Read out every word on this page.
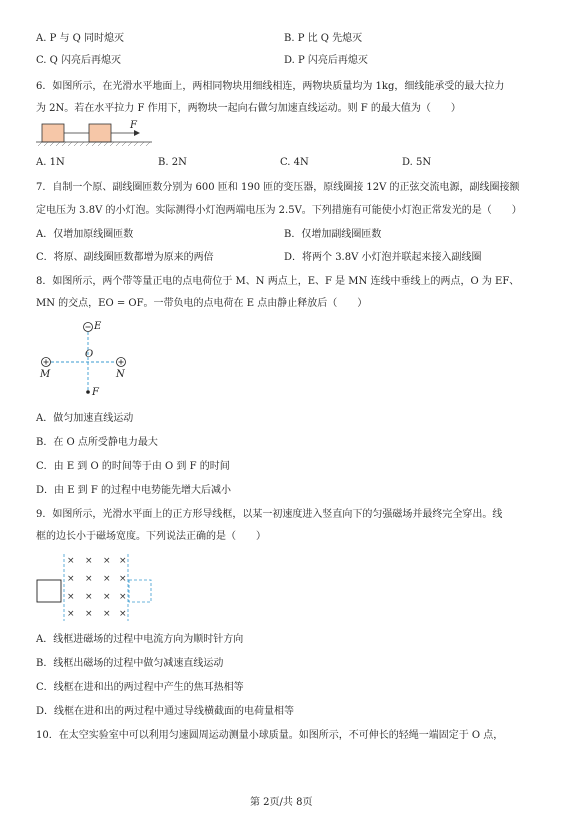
A. P 与 Q 同时熄灭	B. P 比 Q 先熄灭
C. Q 闪亮后再熄灭	D. P 闪亮后再熄灭
6．如图所示，在光滑水平地面上，两相同物块用细线相连，两物块质量均为 1kg，细线能承受的最大拉力
为 2N。若在水平拉力 F 作用下，两物块一起向右做匀加速直线运动。则 F 的最大值为（　　）
F
A. 1N	B. 2N	C. 4N	D. 5N
7．自制一个原、副线圈匝数分别为 600 匝和 190 匝的变压器，原线圈接 12V 的正弦交流电源，副线圈接额
定电压为 3.8V 的小灯泡。实际测得小灯泡两端电压为 2.5V。下列措施有可能使小灯泡正常发光的是（　　）
A．仅增加原线圈匝数	B．仅增加副线圈匝数
C．将原、副线圈匝数都增为原来的两倍	D．将两个 3.8V 小灯泡并联起来接入副线圈
8．如图所示，两个带等量正电的点电荷位于 M、N 两点上，E、F 是 MN 连线中垂线上的两点，O 为 EF、
MN 的交点，EO = OF。一带负电的点电荷在 E 点由静止释放后（　　）
E
O
M	N
F
A．做匀加速直线运动
B．在 O 点所受静电力最大
C．由 E 到 O 的时间等于由 O 到 F 的时间
D．由 E 到 F 的过程中电势能先增大后减小
9．如图所示，光滑水平面上的正方形导线框，以某一初速度进入竖直向下的匀强磁场并最终完全穿出。线
框的边长小于磁场宽度。下列说法正确的是（　　）
× × × ×
× × × ×
× × × ×
× × × ×
A．线框进磁场的过程中电流方向为顺时针方向
B．线框出磁场的过程中做匀减速直线运动
C．线框在进和出的两过程中产生的焦耳热相等
D．线框在进和出的两过程中通过导线横截面的电荷量相等
10．在太空实验室中可以利用匀速圆周运动测量小球质量。如图所示，不可伸长的轻绳一端固定于 O 点，
第 2页/共 8页
